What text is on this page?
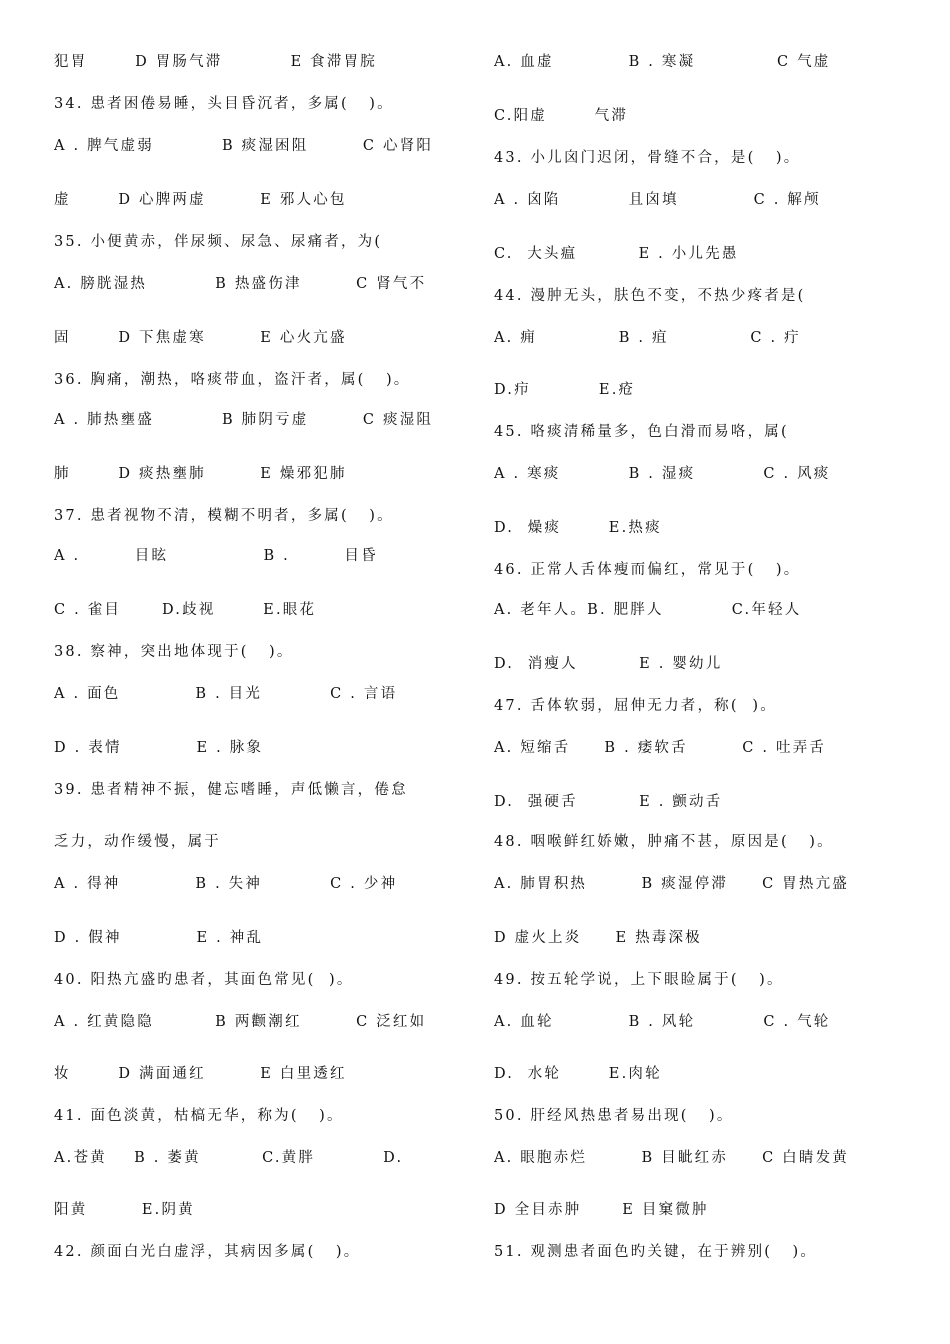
犯胃       D 胃肠气滞          E 食滞胃脘
34. 患者困倦易睡，头目昏沉者，多属(   )。
A . 脾气虚弱          B 痰湿困阻        C 心肾阳
虚       D 心脾两虚        E 邪人心包
35. 小便黄赤，伴尿频、尿急、尿痛者，为(
A. 膀胱湿热          B 热盛伤津        C 肾气不
固       D 下焦虚寒        E 心火亢盛
36. 胸痛，潮热，咯痰带血，盗汗者，属(   )。
A . 肺热壅盛          B 肺阴亏虚        C 痰湿阻
肺       D 痰热壅肺        E 燥邪犯肺
37. 患者视物不清，模糊不明者，多属(   )。
A .        目眩              B .        目昏
C . 雀目      D.歧视       E.眼花
38. 察神，突出地体现于(   )。
A . 面色           B . 目光          C . 言语
D . 表情           E . 脉象
39. 患者精神不振，健忘嗜睡，声低懒言，倦怠
乏力，动作缓慢，属于
A . 得神           B . 失神          C . 少神
D . 假神           E . 神乱
40. 阳热亢盛旳患者，其面色常见(  )。
A . 红黄隐隐         B 两颧潮红        C 泛红如
妆       D 满面通红        E 白里透红
41. 面色淡黄，枯槁无华，称为(   )。
A.苍黄    B . 萎黄         C.黄胖          D.
阳黄        E.阴黄
42. 颜面白光白虚浮，其病因多属(   )。
A. 血虚           B . 寒凝            C 气虚
C.阳虚       气滞
43. 小儿囟门迟闭，骨缝不合，是(   )。
A . 囟陷          且囟填           C . 解颅
C.  大头瘟         E . 小儿先愚
44. 漫肿无头，肤色不变，不热少疼者是(
A. 痈            B . 疽            C . 疔
D.疖          E.疮
45. 咯痰清稀量多，色白滑而易咯，属(
A . 寒痰          B . 湿痰          C . 风痰
D.  燥痰       E.热痰
46. 正常人舌体瘦而偏红，常见于(   )。
A. 老年人。B. 肥胖人          C.年轻人
D.  消瘦人         E . 婴幼儿
47. 舌体软弱，屈伸无力者，称(  )。
A. 短缩舌     B . 痿软舌        C . 吐弄舌
D.  强硬舌         E . 颤动舌
48. 咽喉鲜红娇嫩，肿痛不甚，原因是(   )。
A. 肺胃积热        B 痰湿停滞     C 胃热亢盛
D 虚火上炎     E 热毒深极
49. 按五轮学说，上下眼睑属于(   )。
A. 血轮           B . 风轮          C . 气轮
D.  水轮       E.肉轮
50. 肝经风热患者易出现(   )。
A. 眼胞赤烂        B 目眦红赤     C 白睛发黄
D 全目赤肿      E 目窠微肿
51. 观测患者面色旳关键，在于辨别(   )。
